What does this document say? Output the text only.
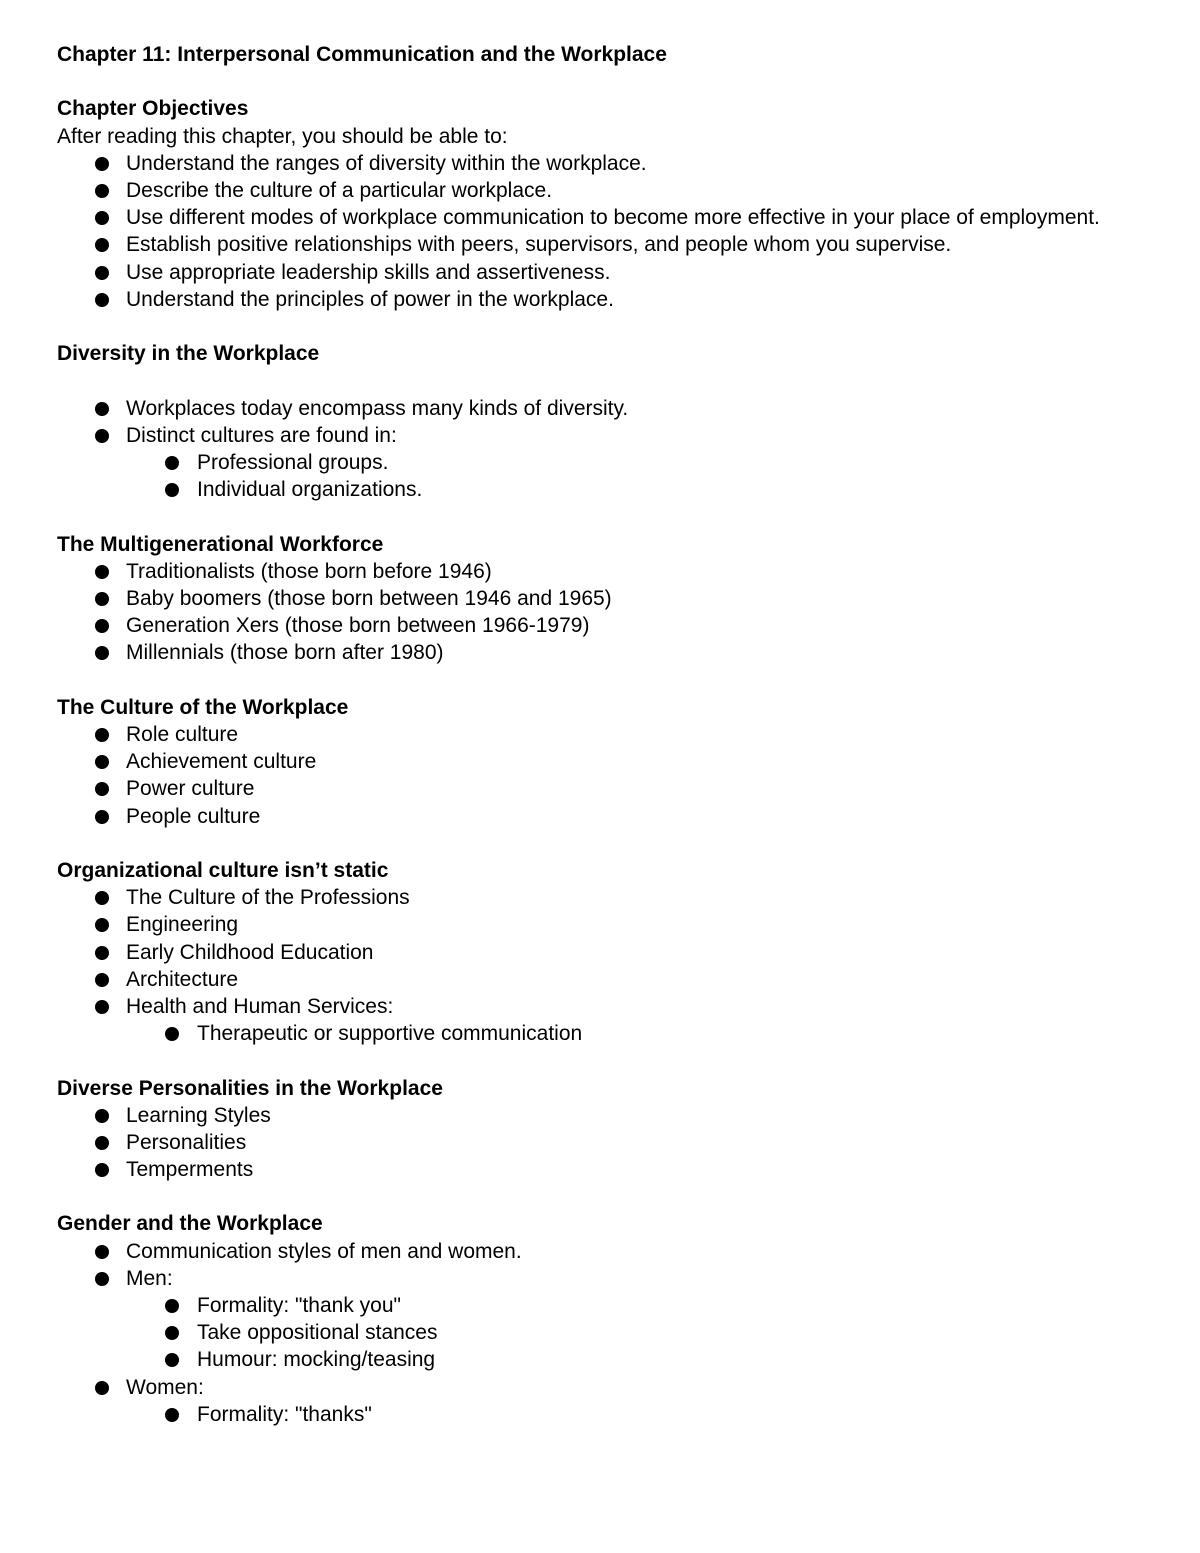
Chapter 11: Interpersonal Communication and the Workplace
Chapter Objectives
After reading this chapter, you should be able to:
Understand the ranges of diversity within the workplace.
Describe the culture of a particular workplace.
Use different modes of workplace communication to become more effective in your place of employment.
Establish positive relationships with peers, supervisors, and people whom you supervise.
Use appropriate leadership skills and assertiveness.
Understand the principles of power in the workplace.
Diversity in the Workplace
Workplaces today encompass many kinds of diversity.
Distinct cultures are found in:
Professional groups.
Individual organizations.
The Multigenerational Workforce
Traditionalists (those born before 1946)
Baby boomers (those born between 1946 and 1965)
Generation Xers (those born between 1966-1979)
Millennials (those born after 1980)
The Culture of the Workplace
Role culture
Achievement culture
Power culture
People culture
Organizational culture isn’t static
The Culture of the Professions
Engineering
Early Childhood Education
Architecture
Health and Human Services:
Therapeutic or supportive communication
Diverse Personalities in the Workplace
Learning Styles
Personalities
Temperments
Gender and the Workplace
Communication styles of men and women.
Men:
Formality: "thank you"
Take oppositional stances
Humour: mocking/teasing
Women:
Formality: "thanks"
